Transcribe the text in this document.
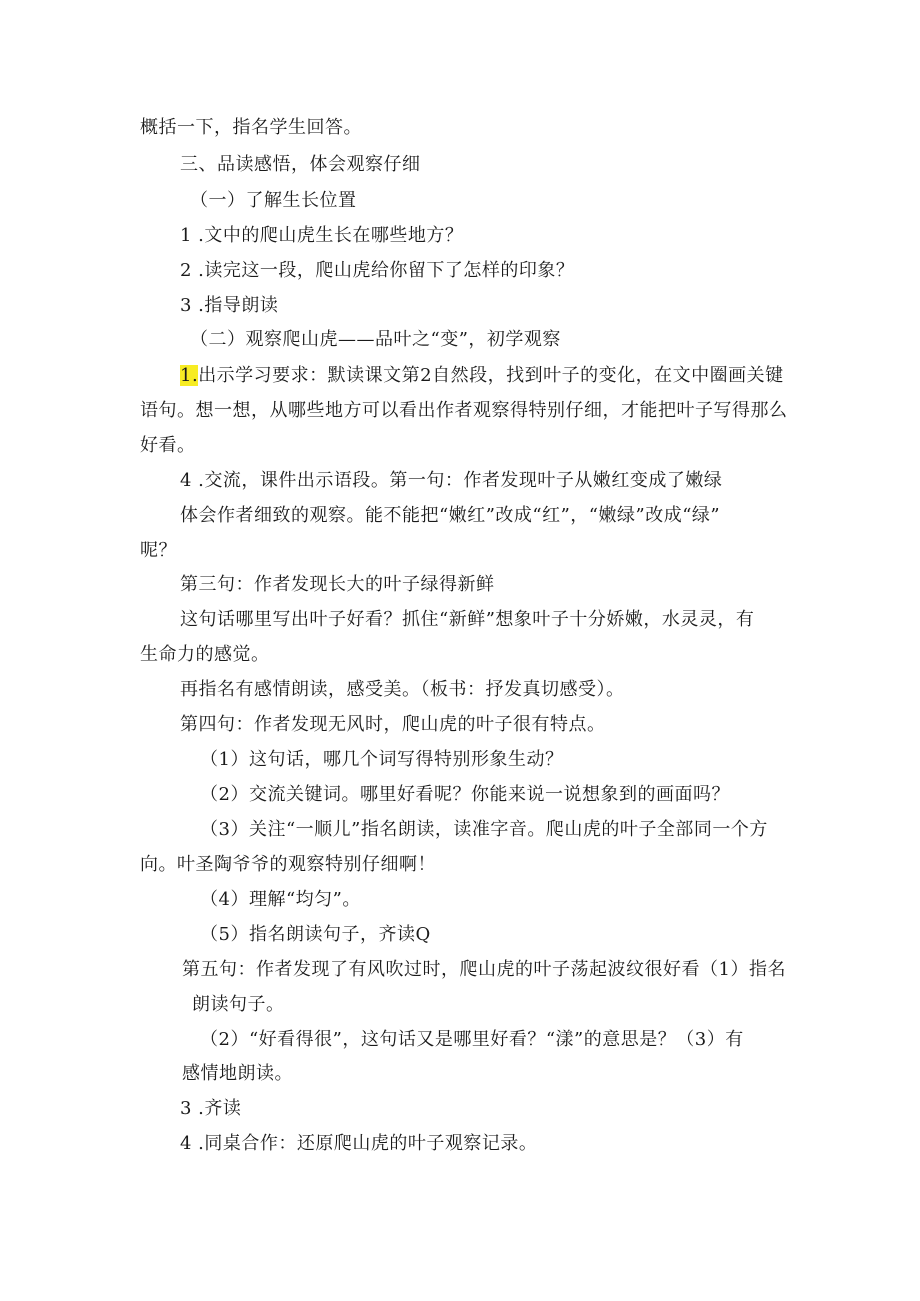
概括一下，指名学生回答。
三、品读感悟，体会观察仔细
（一）了解生长位置
1 .文中的爬山虎生长在哪些地方？
2 .读完这一段，爬山虎给你留下了怎样的印象？
3 .指导朗读
（二）观察爬山虎——品叶之“变”，初学观察
1.出示学习要求：默读课文第2自然段，找到叶子的变化，在文中圈画关键
语句。想一想，从哪些地方可以看出作者观察得特别仔细，才能把叶子写得那么
好看。
4 .交流，课件出示语段。第一句：作者发现叶子从嫩红变成了嫩绿
体会作者细致的观察。能不能把“嫩红”改成“红”，“嫩绿”改成“绿”
呢？
第三句：作者发现长大的叶子绿得新鲜
这句话哪里写出叶子好看？抓住“新鲜”想象叶子十分娇嫩，水灵灵，有
生命力的感觉。
再指名有感情朗读，感受美。（板书：抒发真切感受）。
第四句：作者发现无风时，爬山虎的叶子很有特点。
（1）这句话，哪几个词写得特别形象生动？
（2）交流关键词。哪里好看呢？你能来说一说想象到的画面吗？
（3）关注“一顺儿”指名朗读，读准字音。爬山虎的叶子全部同一个方
向。叶圣陶爷爷的观察特别仔细啊！
（4）理解“均匀”。
（5）指名朗读句子，齐读Q
第五句：作者发现了有风吹过时，爬山虎的叶子荡起波纹很好看（1）指名
朗读句子。
（2）“好看得很”，这句话又是哪里好看？“漾”的意思是？（3）有
感情地朗读。
3 .齐读
4 .同桌合作：还原爬山虎的叶子观察记录。
